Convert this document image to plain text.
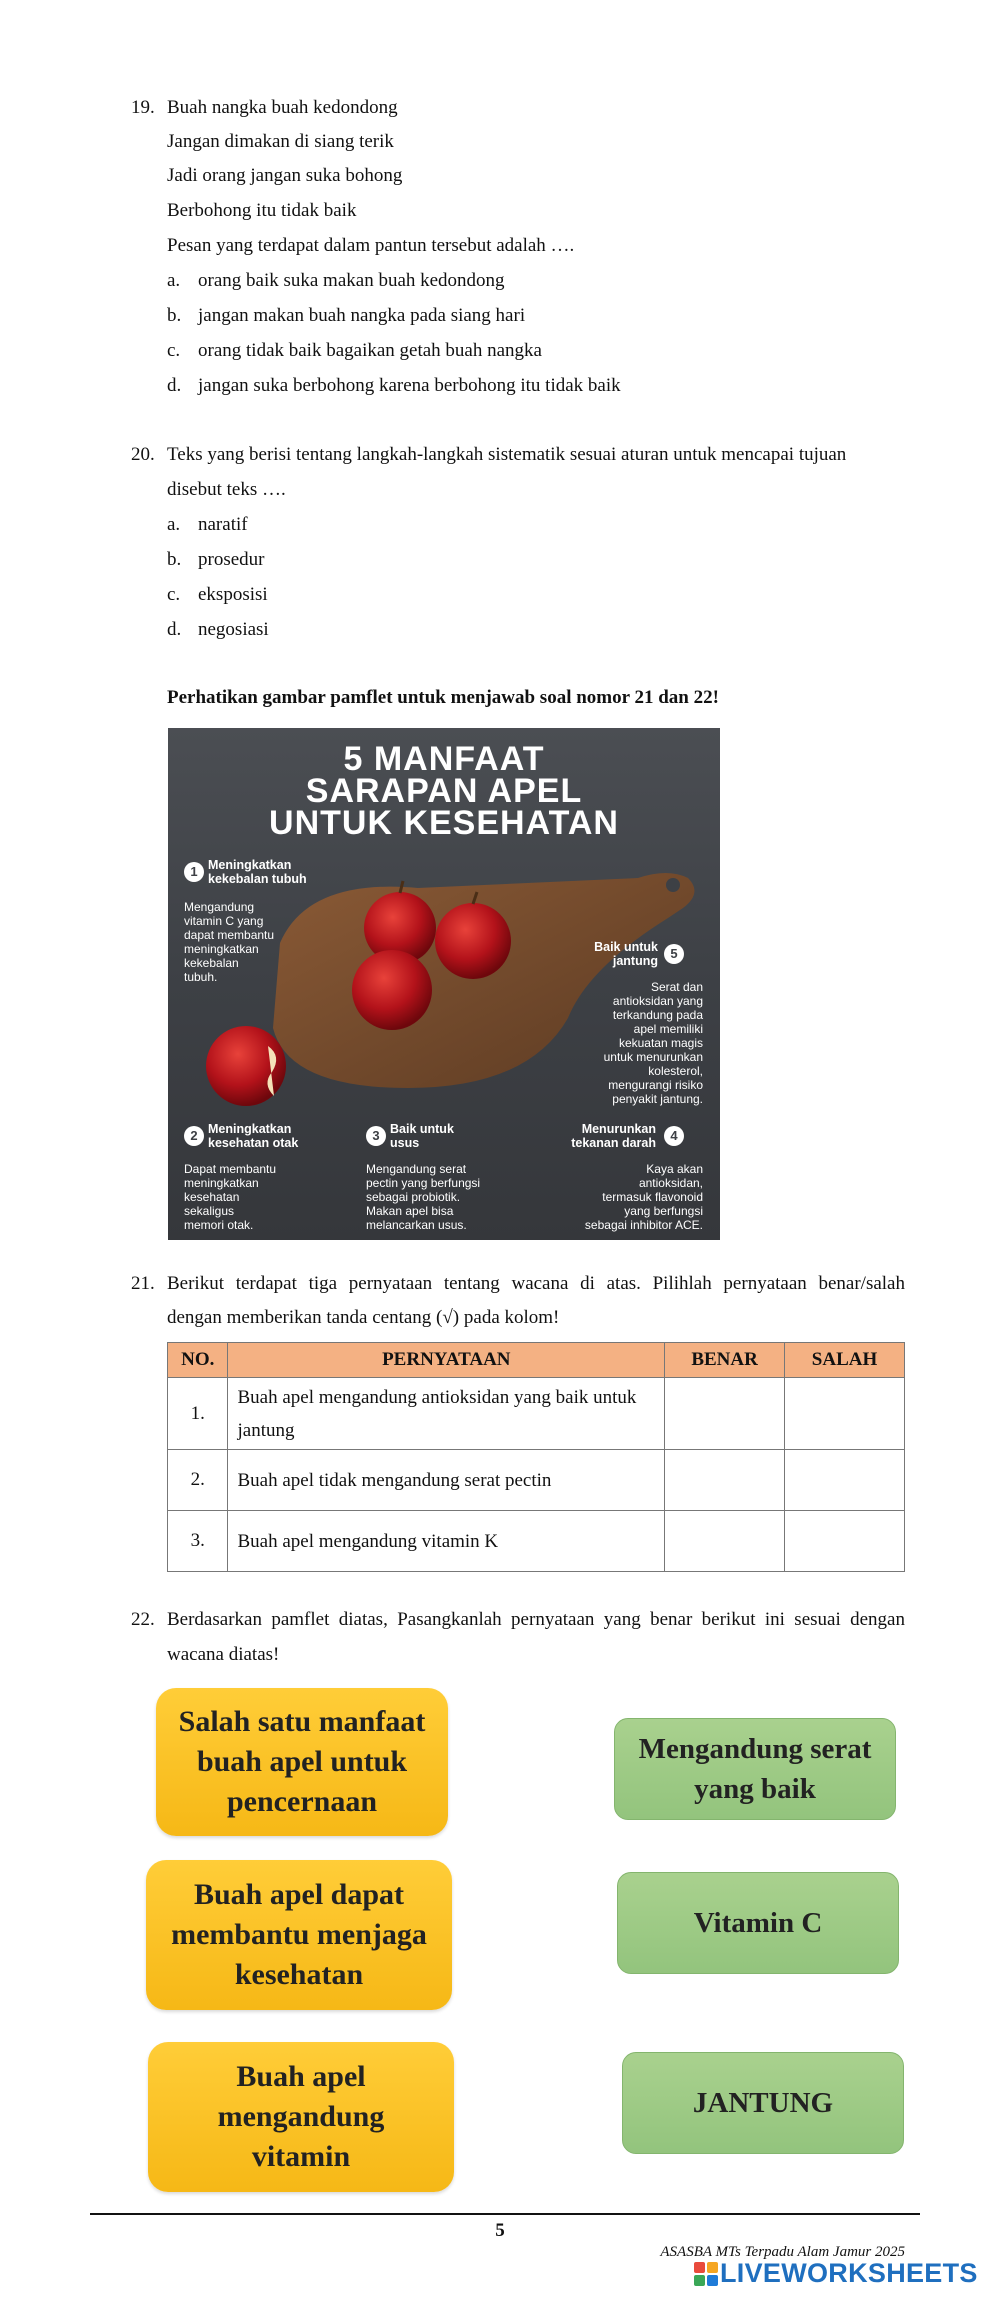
19. Buah nangka buah kedondong
Jangan dimakan di siang terik
Jadi orang jangan suka bohong
Berbohong itu tidak baik
Pesan yang terdapat dalam pantun tersebut adalah ….
a. orang baik suka makan buah kedondong
b. jangan makan buah nangka pada siang hari
c. orang tidak baik bagaikan getah buah nangka
d. jangan suka berbohong karena berbohong itu tidak baik
20. Teks yang berisi tentang langkah-langkah sistematik sesuai aturan untuk mencapai tujuan
disebut teks ….
a. naratif
b. prosedur
c. eksposisi
d. negosiasi
Perhatikan gambar pamflet untuk menjawab soal nomor 21 dan 22!
5 MANFAAT
SARAPAN APEL
UNTUK KESEHATAN
1 Meningkatkan
kekebalan tubuh
Mengandung
vitamin C yang
dapat membantu
meningkatkan
kekebalan
tubuh.
Baik untuk
jantung 5
Serat dan
antioksidan yang
terkandung pada
apel memiliki
kekuatan magis
untuk menurunkan
kolesterol,
mengurangi risiko
penyakit jantung.
2 Meningkatkan
kesehatan otak
Dapat membantu
meningkatkan
kesehatan
sekaligus
memori otak.
3 Baik untuk
usus
Mengandung serat
pectin yang berfungsi
sebagai probiotik.
Makan apel bisa
melancarkan usus.
Menurunkan
tekanan darah	4
Kaya akan
antioksidan,
termasuk flavonoid
yang berfungsi
sebagai inhibitor ACE.
21. Berikut terdapat tiga pernyataan tentang wacana di atas. Pilihlah pernyataan benar/salah
dengan memberikan tanda centang (√) pada kolom!
NO.	PERNYATAAN	BENAR	SALAH
1.	Buah apel mengandung antioksidan yang baik untuk jantung		
2.	Buah apel tidak mengandung serat pectin		
3.	Buah apel mengandung vitamin K		
22. Berdasarkan pamflet diatas, Pasangkanlah pernyataan yang benar berikut ini sesuai dengan
wacana diatas!
Salah satu manfaat
buah apel untuk
pencernaan
Buah apel dapat
membantu menjaga
kesehatan
Buah apel
mengandung
vitamin
Mengandung serat
yang baik
Vitamin C
JANTUNG
5
ASASBA MTs Terpadu Alam Jamur 2025
LIVEWORKSHEETS
